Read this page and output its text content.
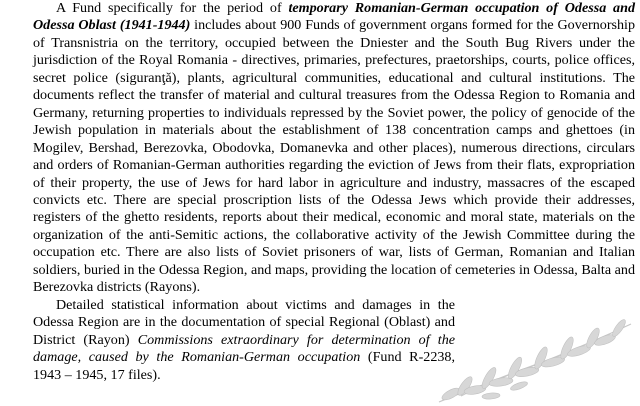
A Fund specifically for the period of temporary Romanian-German occupation of Odessa and Odessa Oblast (1941-1944) includes about 900 Funds of government organs formed for the Governorship of Transnistria on the territory, occupied between the Dniester and the South Bug Rivers under the jurisdiction of the Royal Romania - directives, primaries, prefectures, praetorships, courts, police offices, secret police (siguranţă), plants, agricultural communities, educational and cultural institutions. The documents reflect the transfer of material and cultural treasures from the Odessa Region to Romania and Germany, returning properties to individuals repressed by the Soviet power, the policy of genocide of the Jewish population in materials about the establishment of 138 concentration camps and ghettoes (in Mogilev, Bershad, Berezovka, Obodovka, Domanevka and other places), numerous directions, circulars and orders of Romanian-German authorities regarding the eviction of Jews from their flats, expropriation of their property, the use of Jews for hard labor in agriculture and industry, massacres of the escaped convicts etc. There are special proscription lists of the Odessa Jews which provide their addresses, registers of the ghetto residents, reports about their medical, economic and moral state, materials on the organization of the anti-Semitic actions, the collaborative activity of the Jewish Committee during the occupation etc. There are also lists of Soviet prisoners of war, lists of German, Romanian and Italian soldiers, buried in the Odessa Region, and maps, providing the location of cemeteries in Odessa, Balta and Berezovka districts (Rayons).

Detailed statistical information about victims and damages in the Odessa Region are in the documentation of special Regional (Oblast) and District (Rayon) Commissions extraordinary for determination of the damage, caused by the Romanian-German occupation (Fund R-2238, 1943 – 1945, 17 files).
